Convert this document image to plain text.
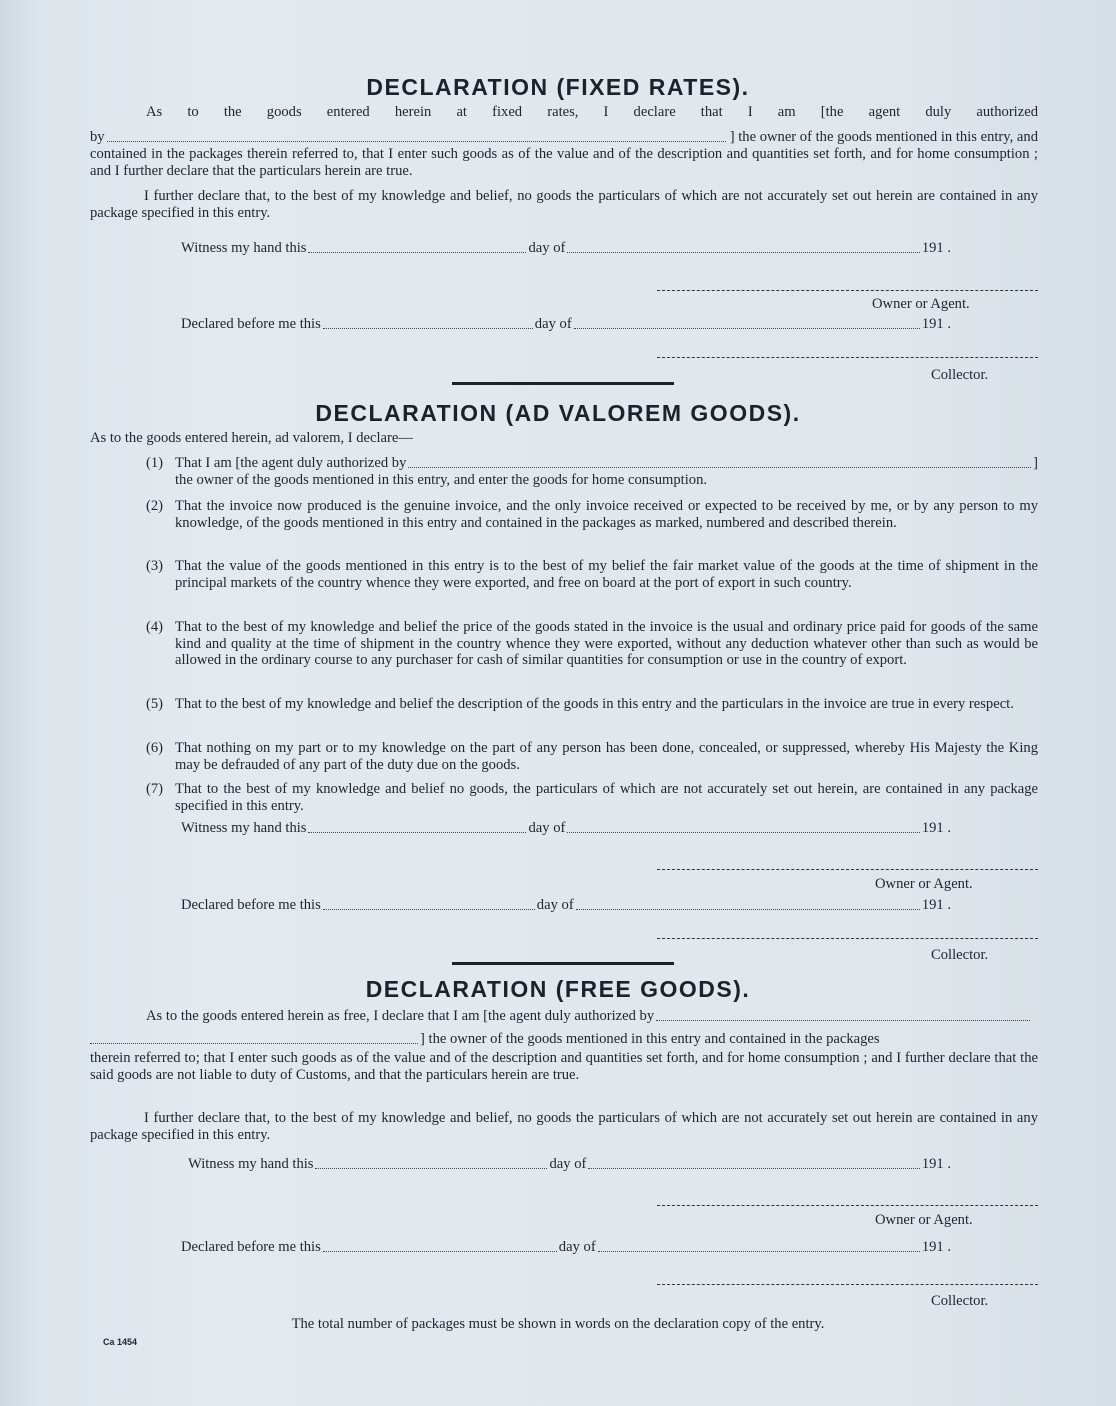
DECLARATION (FIXED RATES).
As to the goods entered herein at fixed rates, I declare that I am [the agent duly authorized
by	] the owner of the goods mentioned in this entry, and
contained in the packages therein referred to, that I enter such goods as of the value and of the description and quantities set forth, and for home consumption ; and I further declare that the particulars herein are true.
I further declare that, to the best of my knowledge and belief, no goods the particulars of which are not accurately set out herein are contained in any package specified in this entry.
Witness my hand this	day of	191 .
Owner or Agent.
Declared before me this	day of	191 .
Collector.
DECLARATION (AD VALOREM GOODS).
As to the goods entered herein, ad valorem, I declare—
(1) That I am [the agent duly authorized by	]
the owner of the goods mentioned in this entry, and enter the goods for home consumption.
(2) That the invoice now produced is the genuine invoice, and the only invoice received or expected to be received by me, or by any person to my knowledge, of the goods mentioned in this entry and contained in the packages as marked, numbered and described therein.
(3) That the value of the goods mentioned in this entry is to the best of my belief the fair market value of the goods at the time of shipment in the principal markets of the country whence they were exported, and free on board at the port of export in such country.
(4) That to the best of my knowledge and belief the price of the goods stated in the invoice is the usual and ordinary price paid for goods of the same kind and quality at the time of shipment in the country whence they were exported, without any deduction whatever other than such as would be allowed in the ordinary course to any purchaser for cash of similar quantities for consumption or use in the country of export.
(5) That to the best of my knowledge and belief the description of the goods in this entry and the particulars in the invoice are true in every respect.
(6) That nothing on my part or to my knowledge on the part of any person has been done, concealed, or suppressed, whereby His Majesty the King may be defrauded of any part of the duty due on the goods.
(7) That to the best of my knowledge and belief no goods, the particulars of which are not accurately set out herein, are contained in any package specified in this entry.
Witness my hand this	day of	191 .
Owner or Agent.
Declared before me this	day of	191 .
Collector.
DECLARATION (FREE GOODS).
As to the goods entered herein as free, I declare that I am [the agent duly authorized by
] the owner of the goods mentioned in this entry and contained in the packages
therein referred to; that I enter such goods as of the value and of the description and quantities set forth, and for home consumption ; and I further declare that the said goods are not liable to duty of Customs, and that the particulars herein are true.
I further declare that, to the best of my knowledge and belief, no goods the particulars of which are not accurately set out herein are contained in any package specified in this entry.
Witness my hand this	day of	191 .
Owner or Agent.
Declared before me this	day of	191 .
Collector.
The total number of packages must be shown in words on the declaration copy of the entry.
Ca 1454
